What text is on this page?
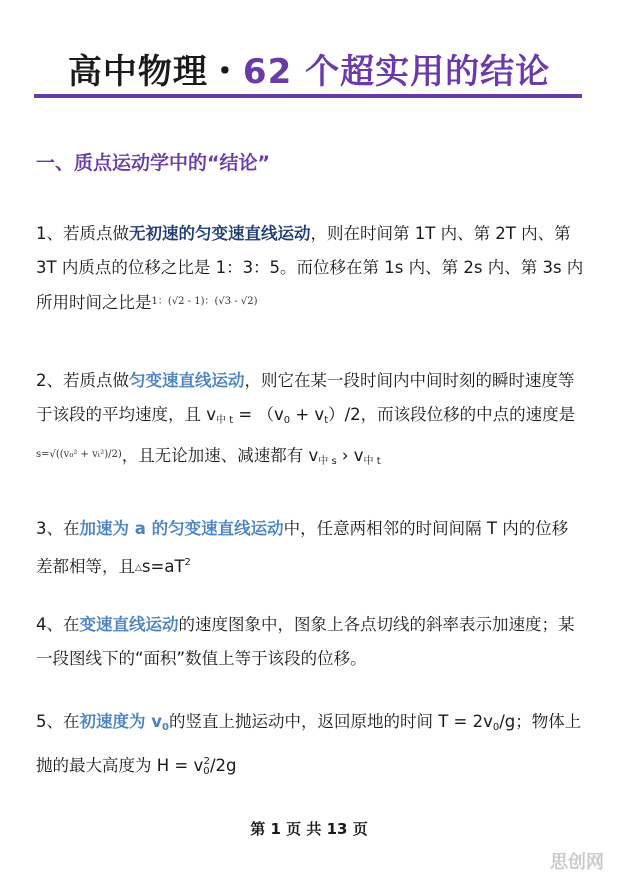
高中物理・62 个超实用的结论
一、质点运动学中的“结论”
1、若质点做无初速的匀变速直线运动，则在时间第 1T 内、第 2T 内、第 3T 内质点的位移之比是 1：3：5。而位移在第 1s 内、第 2s 内、第 3s 内所用时间之比是$^{1:(√2 - 1):(√3 - √2)}$
2、若质点做匀变速直线运动，则它在某一段时间内中间时刻的瞬时速度等于该段的平均速度，且 $v_{中 t} = (v_0 + v_t)/2$，而该段位移的中点的速度是$^{s=√((v_0^2 + v_t^2)/2)}$，且无论加速、减速都有 $v_{中 s}$ › $v_{中 t}$
3、在加速为 a 的匀变速直线运动中，任意两相邻的时间间隔 T 内的位移差都相等，且$\triangle s=aT^2$
4、在变速直线运动的速度图象中，图象上各点切线的斜率表示加速度；某一段图线下的“面积”数值上等于该段的位移。
5、在初速度为 $v_0$的竖直上抛运动中，返回原地的时间 $T = 2v_0/g$；物体上抛的最大高度为 $H = v_0^2/2g$
第 1 页 共 13 页
思创网
